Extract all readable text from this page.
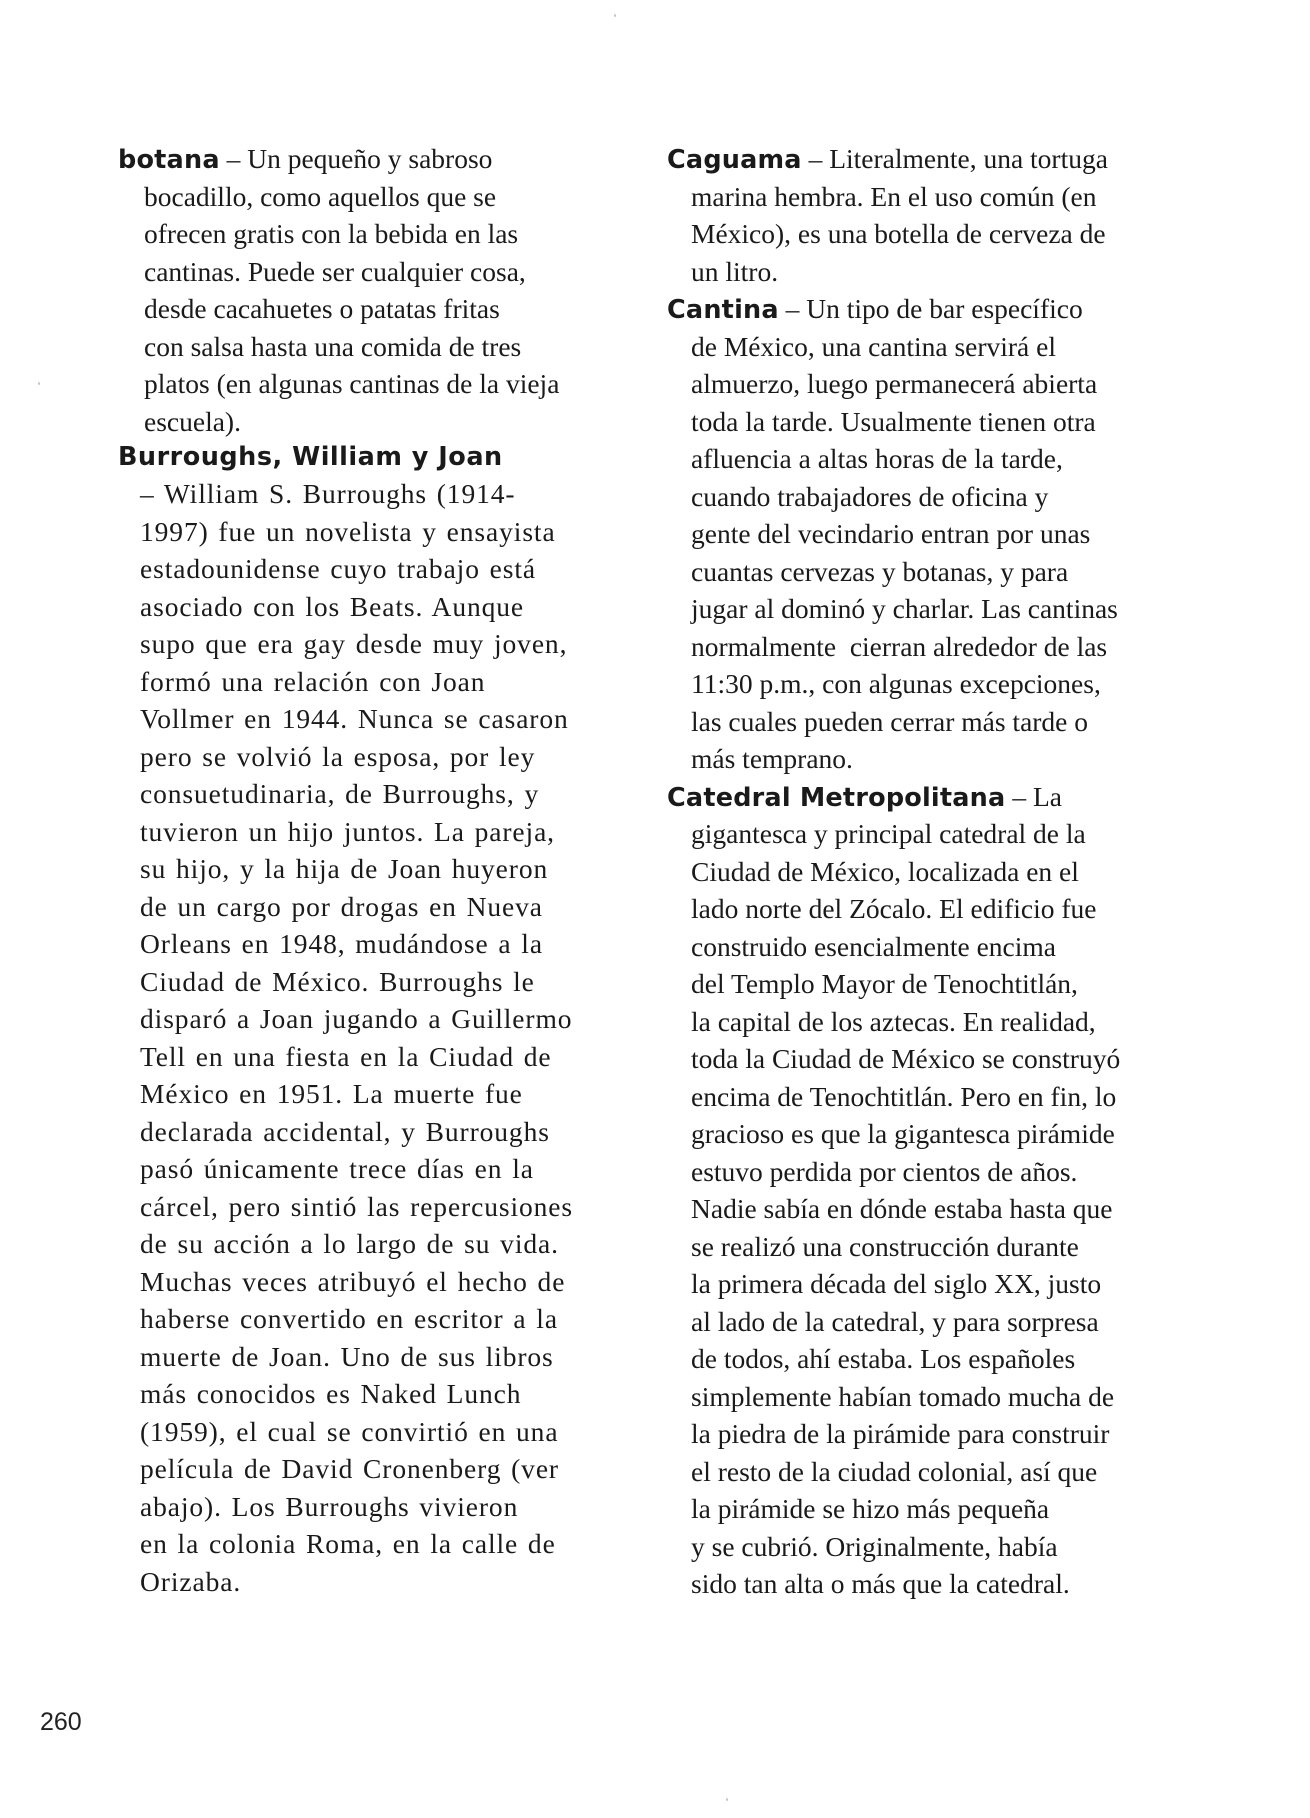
botana – Un pequeño y sabroso
bocadillo, como aquellos que se
ofrecen gratis con la bebida en las
cantinas. Puede ser cualquier cosa,
desde cacahuetes o patatas fritas
con salsa hasta una comida de tres
platos (en algunas cantinas de la vieja
escuela).
Burroughs, William y Joan
– William S. Burroughs (1914-
1997) fue un novelista y ensayista
estadounidense cuyo trabajo está
asociado con los Beats. Aunque
supo que era gay desde muy joven,
formó una relación con Joan
Vollmer en 1944. Nunca se casaron
pero se volvió la esposa, por ley
consuetudinaria, de Burroughs, y
tuvieron un hijo juntos. La pareja,
su hijo, y la hija de Joan huyeron
de un cargo por drogas en Nueva
Orleans en 1948, mudándose a la
Ciudad de México. Burroughs le
disparó a Joan jugando a Guillermo
Tell en una fiesta en la Ciudad de
México en 1951. La muerte fue
declarada accidental, y Burroughs
pasó únicamente trece días en la
cárcel, pero sintió las repercusiones
de su acción a lo largo de su vida.
Muchas veces atribuyó el hecho de
haberse convertido en escritor a la
muerte de Joan. Uno de sus libros
más conocidos es Naked Lunch
(1959), el cual se convirtió en una
película de David Cronenberg (ver
abajo). Los Burroughs vivieron
en la colonia Roma, en la calle de
Orizaba.
Caguama – Literalmente, una tortuga
marina hembra. En el uso común (en
México), es una botella de cerveza de
un litro.
Cantina – Un tipo de bar específico
de México, una cantina servirá el
almuerzo, luego permanecerá abierta
toda la tarde. Usualmente tienen otra
afluencia a altas horas de la tarde,
cuando trabajadores de oficina y
gente del vecindario entran por unas
cuantas cervezas y botanas, y para
jugar al dominó y charlar. Las cantinas
normalmente  cierran alrededor de las
11:30 p.m., con algunas excepciones,
las cuales pueden cerrar más tarde o
más temprano.
Catedral Metropolitana – La
gigantesca y principal catedral de la
Ciudad de México, localizada en el
lado norte del Zócalo. El edificio fue
construido esencialmente encima
del Templo Mayor de Tenochtitlán,
la capital de los aztecas. En realidad,
toda la Ciudad de México se construyó
encima de Tenochtitlán. Pero en fin, lo
gracioso es que la gigantesca pirámide
estuvo perdida por cientos de años.
Nadie sabía en dónde estaba hasta que
se realizó una construcción durante
la primera década del siglo XX, justo
al lado de la catedral, y para sorpresa
de todos, ahí estaba. Los españoles
simplemente habían tomado mucha de
la piedra de la pirámide para construir
el resto de la ciudad colonial, así que
la pirámide se hizo más pequeña
y se cubrió. Originalmente, había
sido tan alta o más que la catedral.
260
